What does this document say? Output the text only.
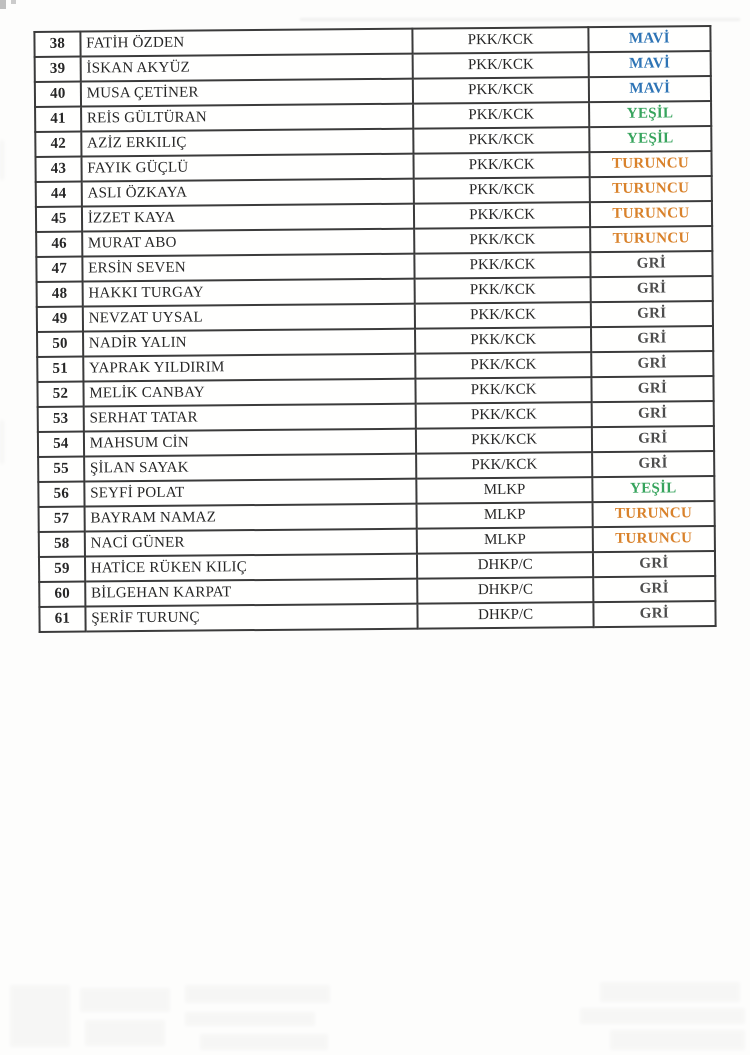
38	FATİH ÖZDEN	PKK/KCK	MAVİ
39	İSKAN AKYÜZ	PKK/KCK	MAVİ
40	MUSA ÇETİNER	PKK/KCK	MAVİ
41	REİS GÜLTÜRAN	PKK/KCK	YEŞİL
42	AZİZ ERKILIÇ	PKK/KCK	YEŞİL
43	FAYIK GÜÇLÜ	PKK/KCK	TURUNCU
44	ASLI ÖZKAYA	PKK/KCK	TURUNCU
45	İZZET KAYA	PKK/KCK	TURUNCU
46	MURAT ABO	PKK/KCK	TURUNCU
47	ERSİN SEVEN	PKK/KCK	GRİ
48	HAKKI TURGAY	PKK/KCK	GRİ
49	NEVZAT UYSAL	PKK/KCK	GRİ
50	NADİR YALIN	PKK/KCK	GRİ
51	YAPRAK YILDIRIM	PKK/KCK	GRİ
52	MELİK CANBAY	PKK/KCK	GRİ
53	SERHAT TATAR	PKK/KCK	GRİ
54	MAHSUM CİN	PKK/KCK	GRİ
55	ŞİLAN SAYAK	PKK/KCK	GRİ
56	SEYFİ POLAT	MLKP	YEŞİL
57	BAYRAM NAMAZ	MLKP	TURUNCU
58	NACİ GÜNER	MLKP	TURUNCU
59	HATİCE RÜKEN KILIÇ	DHKP/C	GRİ
60	BİLGEHAN KARPAT	DHKP/C	GRİ
61	ŞERİF TURUNÇ	DHKP/C	GRİ
